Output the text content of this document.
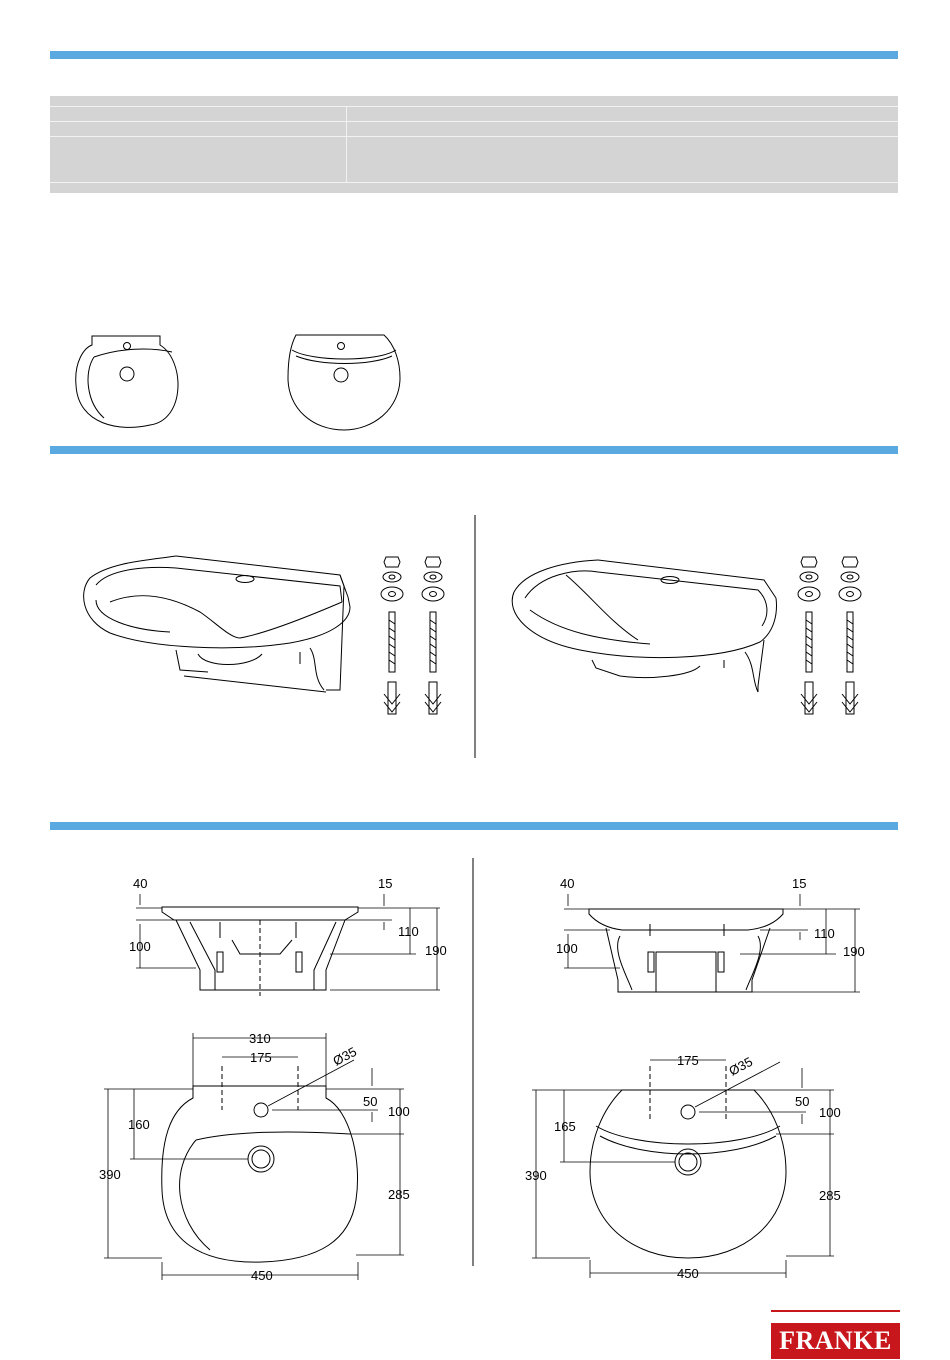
40
100
15
110
190
310
175	Ø35
160
390
50
100
285
450
40
100
15
110
190
175 Ø35
165
390
50
100
285
450
FRANKE
